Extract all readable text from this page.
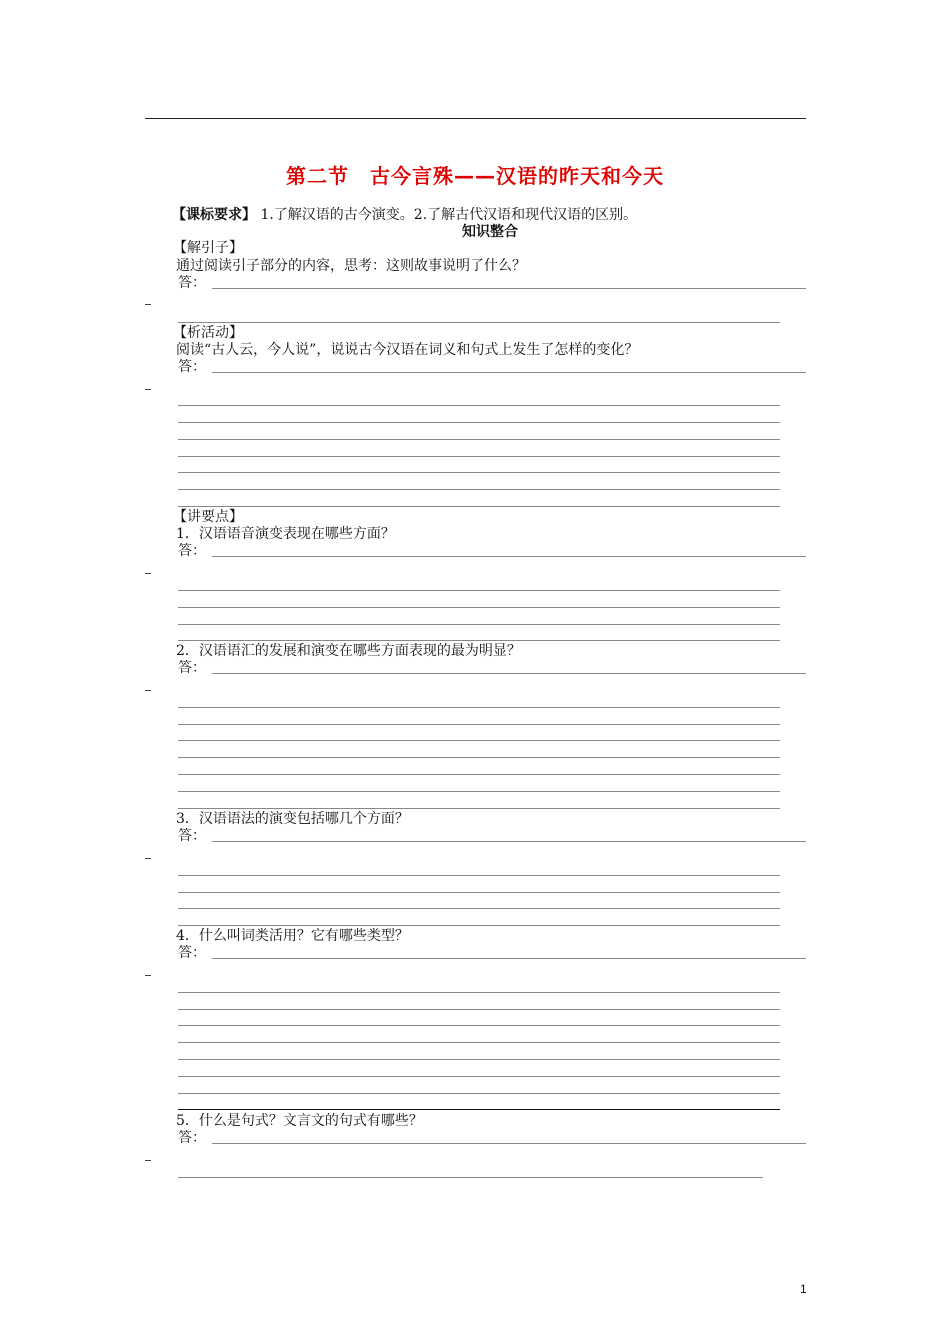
第二节　古今言殊——汉语的昨天和今天
【课标要求】 1.了解汉语的古今演变。2.了解古代汉语和现代汉语的区别。
知识整合
【解引子】
通过阅读引子部分的内容，思考：这则故事说明了什么？
答：
【析活动】
阅读“古人云，今人说”，说说古今汉语在词义和句式上发生了怎样的变化？
答：
【讲要点】
1．汉语语音演变表现在哪些方面？
答：
2．汉语语汇的发展和演变在哪些方面表现的最为明显？
答：
3．汉语语法的演变包括哪几个方面？
答：
4．什么叫词类活用？它有哪些类型？
答：
5．什么是句式？文言文的句式有哪些？
答：
1
